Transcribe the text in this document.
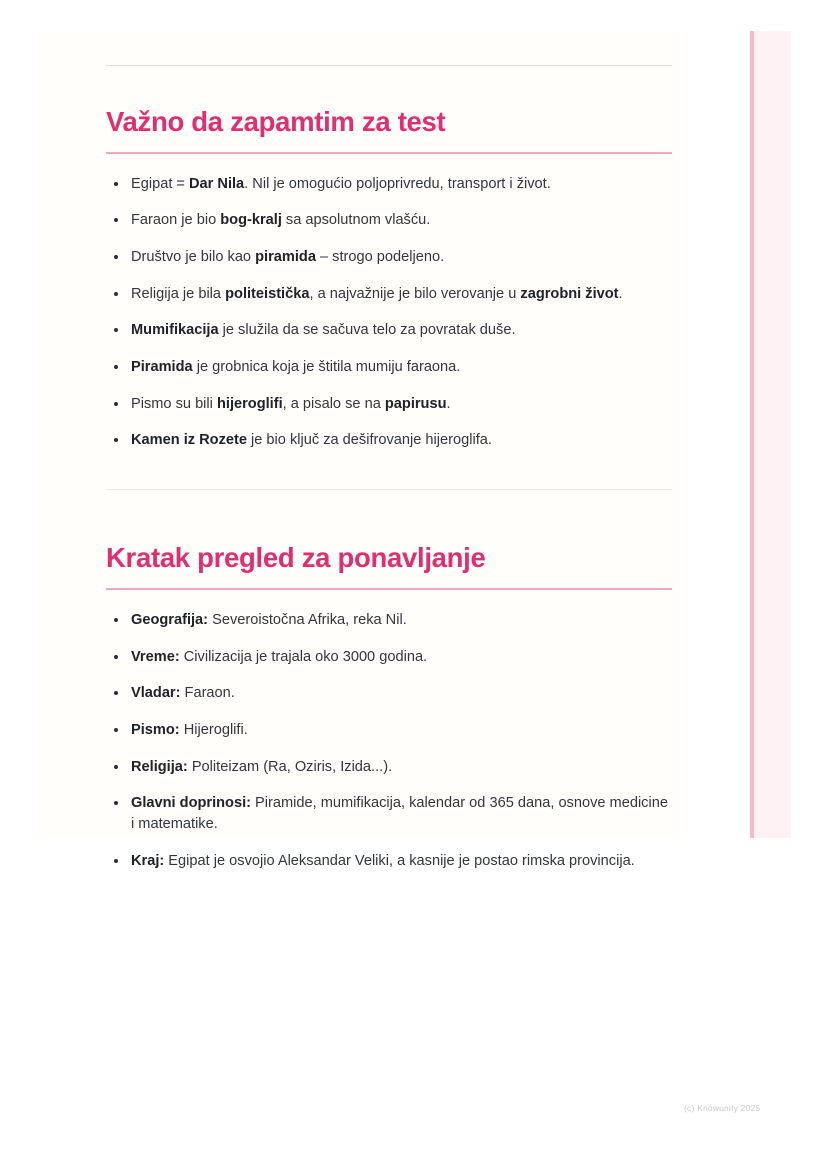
Važno da zapamtim za test
Egipat = Dar Nila. Nil je omogućio poljoprivredu, transport i život.
Faraon je bio bog-kralj sa apsolutnom vlašću.
Društvo je bilo kao piramida – strogo podeljeno.
Religija je bila politeistička, a najvažnije je bilo verovanje u zagrobni život.
Mumifikacija je služila da se sačuva telo za povratak duše.
Piramida je grobnica koja je štitila mumiju faraona.
Pismo su bili hijeroglifi, a pisalo se na papirusu.
Kamen iz Rozete je bio ključ za dešifrovanje hijeroglifa.
Kratak pregled za ponavljanje
Geografija: Severoistočna Afrika, reka Nil.
Vreme: Civilizacija je trajala oko 3000 godina.
Vladar: Faraon.
Pismo: Hijeroglifi.
Religija: Politeizam (Ra, Oziris, Izida...).
Glavni doprinosi: Piramide, mumifikacija, kalendar od 365 dana, osnove medicine i matematike.
Kraj: Egipat je osvojio Aleksandar Veliki, a kasnije je postao rimska provincija.
(c) Knowunity 2025
